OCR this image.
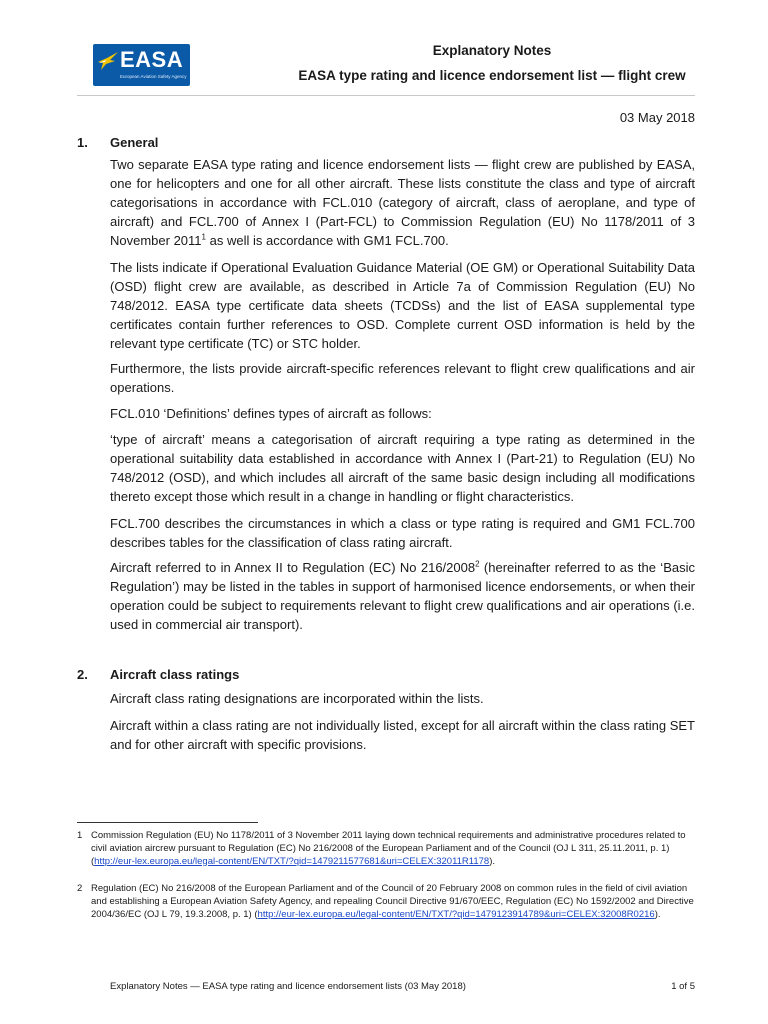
EASA
European Aviation Safety Agency
Explanatory Notes
EASA type rating and licence endorsement list — flight crew
03 May 2018
1. General

Two separate EASA type rating and licence endorsement lists — flight crew are published by EASA, one for helicopters and one for all other aircraft. These lists constitute the class and type of aircraft categorisations in accordance with FCL.010 (category of aircraft, class of aeroplane, and type of aircraft) and FCL.700 of Annex I (Part-FCL) to Commission Regulation (EU) No 1178/2011 of 3 November 2011$^1$ as well is accordance with GM1 FCL.700.

The lists indicate if Operational Evaluation Guidance Material (OE GM) or Operational Suitability Data (OSD) flight crew are available, as described in Article 7a of Commission Regulation (EU) No 748/2012. EASA type certificate data sheets (TCDSs) and the list of EASA supplemental type certificates contain further references to OSD. Complete current OSD information is held by the relevant type certificate (TC) or STC holder.

Furthermore, the lists provide aircraft-specific references relevant to flight crew qualifications and air operations.

FCL.010 ‘Definitions’ defines types of aircraft as follows:

‘type of aircraft’ means a categorisation of aircraft requiring a type rating as determined in the operational suitability data established in accordance with Annex I (Part-21) to Regulation (EU) No 748/2012 (OSD), and which includes all aircraft of the same basic design including all modifications thereto except those which result in a change in handling or flight characteristics.

FCL.700 describes the circumstances in which a class or type rating is required and GM1 FCL.700 describes tables for the classification of class rating aircraft.

Aircraft referred to in Annex II to Regulation (EC) No 216/2008$^2$ (hereinafter referred to as the ‘Basic Regulation’) may be listed in the tables in support of harmonised licence endorsements, or when their operation could be subject to requirements relevant to flight crew qualifications and air operations (i.e. used in commercial air transport).

2. Aircraft class ratings

Aircraft class rating designations are incorporated within the lists.

Aircraft within a class rating are not individually listed, except for all aircraft within the class rating SET and for other aircraft with specific provisions.

1 Commission Regulation (EU) No 1178/2011 of 3 November 2011 laying down technical requirements and administrative procedures related to civil aviation aircrew pursuant to Regulation (EC) No 216/2008 of the European Parliament and of the Council (OJ L 311, 25.11.2011, p. 1) (http://eur-lex.europa.eu/legal-content/EN/TXT/?qid=1479211577681&uri=CELEX:32011R1178).

2 Regulation (EC) No 216/2008 of the European Parliament and of the Council of 20 February 2008 on common rules in the field of civil aviation and establishing a European Aviation Safety Agency, and repealing Council Directive 91/670/EEC, Regulation (EC) No 1592/2002 and Directive 2004/36/EC (OJ L 79, 19.3.2008, p. 1) (http://eur-lex.europa.eu/legal-content/EN/TXT/?qid=1479123914789&uri=CELEX:32008R0216).

Explanatory Notes — EASA type rating and licence endorsement lists (03 May 2018)	1 of 5
